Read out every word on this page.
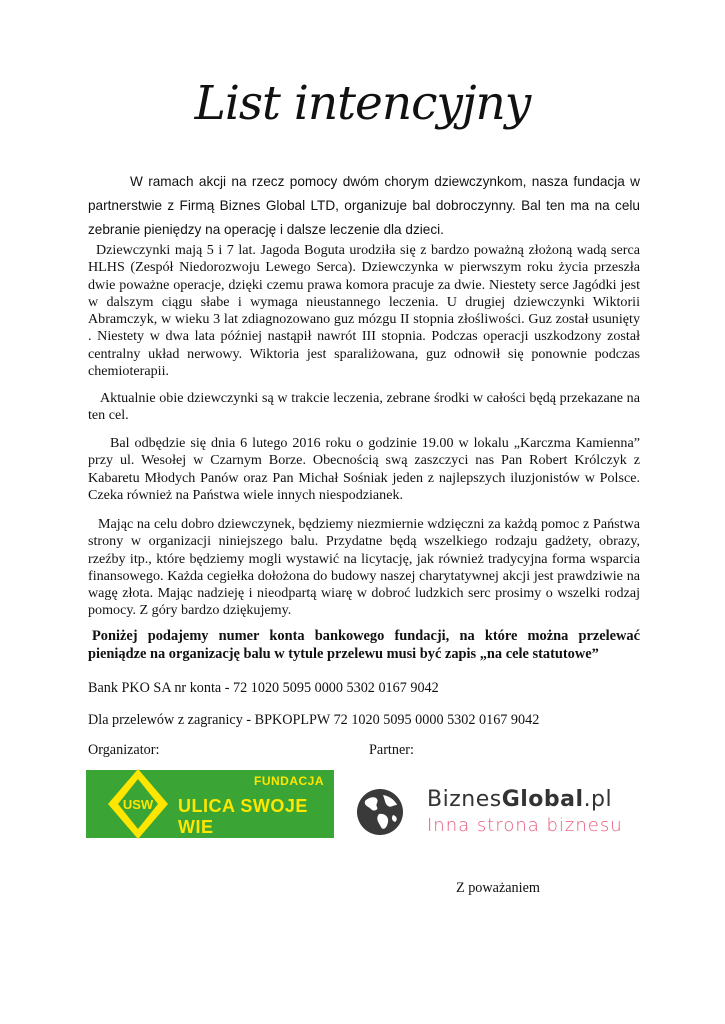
List intencyjny
W ramach akcji na rzecz pomocy dwóm chorym dziewczynkom, nasza fundacja w partnerstwie z Firmą Biznes Global LTD, organizuje bal dobroczynny. Bal ten ma na celu zebranie pieniędzy na operację i dalsze leczenie dla dzieci.
Dziewczynki mają 5 i 7 lat. Jagoda Boguta urodziła się z bardzo poważną złożoną wadą serca HLHS (Zespół Niedorozwoju Lewego Serca). Dziewczynka w pierwszym roku życia przeszła dwie poważne operacje, dzięki czemu prawa komora pracuje za dwie. Niestety serce Jagódki jest w dalszym ciągu słabe i wymaga nieustannego leczenia. U drugiej dziewczynki Wiktorii Abramczyk, w wieku 3 lat zdiagnozowano guz mózgu II stopnia złośliwości. Guz został usunięty . Niestety w dwa lata później nastąpił nawrót III stopnia. Podczas operacji uszkodzony został centralny układ nerwowy. Wiktoria jest sparaliżowana, guz odnowił się ponownie podczas chemioterapii.
Aktualnie obie dziewczynki są w trakcie leczenia, zebrane środki w całości będą przekazane na ten cel.
Bal odbędzie się dnia 6 lutego 2016 roku o godzinie 19.00 w lokalu „Karczma Kamienna” przy ul. Wesołej w Czarnym Borze. Obecnością swą zaszczyci nas Pan Robert Królczyk z Kabaretu Młodych Panów oraz Pan Michał Sośniak jeden z najlepszych iluzjonistów w Polsce. Czeka również na Państwa wiele innych niespodzianek.
Mając na celu dobro dziewczynek, będziemy niezmiernie wdzięczni za każdą pomoc z Państwa strony w organizacji niniejszego balu. Przydatne będą wszelkiego rodzaju gadżety, obrazy, rzeźby itp., które będziemy mogli wystawić na licytację, jak również tradycyjna forma wsparcia finansowego. Każda cegiełka dołożona do budowy naszej charytatywnej akcji jest prawdziwie na wagę złota. Mając nadzieję i nieodpartą wiarę w dobroć ludzkich serc prosimy o wszelki rodzaj pomocy. Z góry bardzo dziękujemy.
Poniżej podajemy numer konta bankowego fundacji, na które można przelewać pieniądze na organizację balu w tytule przelewu musi być zapis „na cele statutowe”
Bank PKO SA nr konta - 72 1020 5095 0000 5302 0167 9042
Dla przelewów z zagranicy - BPKOPLPW 72 1020 5095 0000 5302 0167 9042
Organizator:	Partner:
USW
FUNDACJA
ULICA SWOJE WIE
BiznesGlobal.pl
Inna strona biznesu
Z poważaniem
